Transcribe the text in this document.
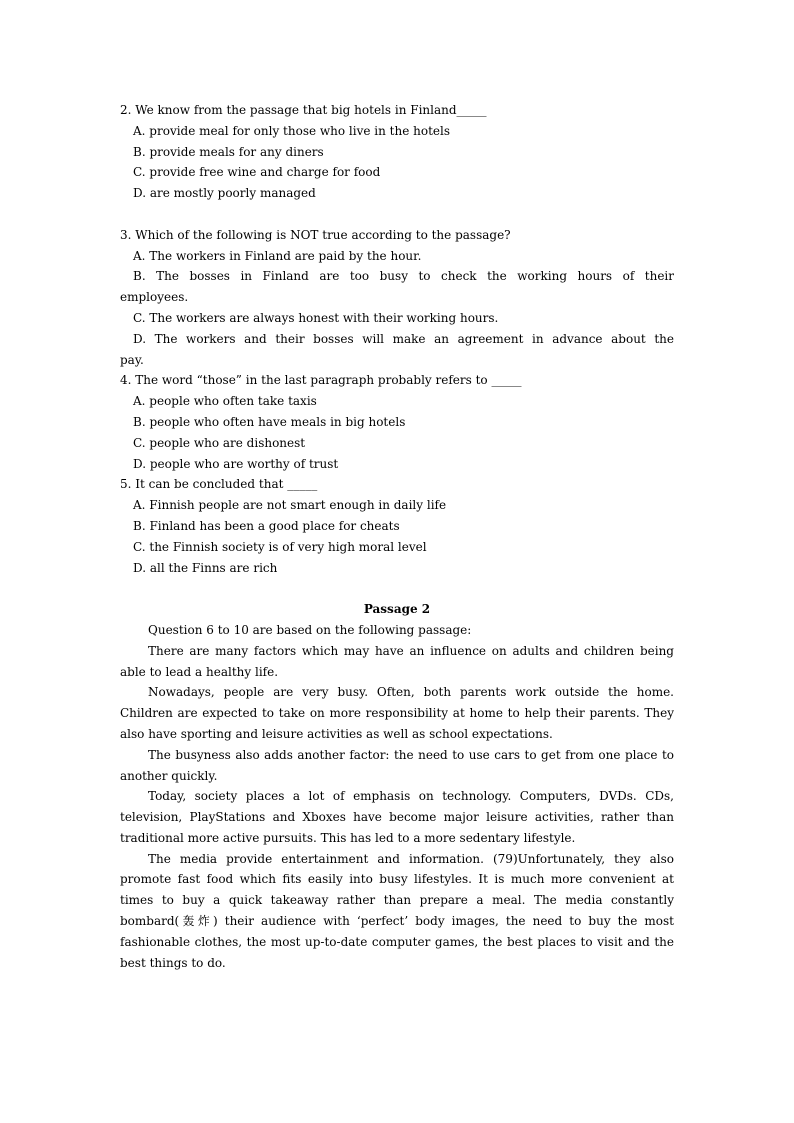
2. We know from the passage that big hotels in Finland_____

A. provide meal for only those who live in the hotels

B. provide meals for any diners

C. provide free wine and charge for food

D. are mostly poorly managed

3. Which of the following is NOT true according to the passage?

A. The workers in Finland are paid by the hour.

B. The bosses in Finland are too busy to check the working hours of their

employees.

C. The workers are always honest with their working hours.

D. The workers and their bosses will make an agreement in advance about the

pay.

4. The word “those” in the last paragraph probably refers to _____

A. people who often take taxis

B. people who often have meals in big hotels

C. people who are dishonest

D. people who are worthy of trust

5. It can be concluded that _____

A. Finnish people are not smart enough in daily life

B. Finland has been a good place for cheats

C. the Finnish society is of very high moral level

D. all the Finns are rich

Passage 2

Question 6 to 10 are based on the following passage:

There are many factors which may have an influence on adults and children being able to lead a healthy life.

Nowadays, people are very busy. Often, both parents work outside the home. Children are expected to take on more responsibility at home to help their parents. They also have sporting and leisure activities as well as school expectations.

The busyness also adds another factor: the need to use cars to get from one place to another quickly.

Today, society places a lot of emphasis on technology. Computers, DVDs. CDs, television, PlayStations and Xboxes have become major leisure activities, rather than traditional more active pursuits. This has led to a more sedentary lifestyle.

The media provide entertainment and information. (79)Unfortunately, they also promote fast food which fits easily into busy lifestyles. It is much more convenient at times to buy a quick takeaway rather than prepare a meal. The media constantly bombard(轰炸) their audience with ‘perfect’ body images, the need to buy the most fashionable clothes, the most up-to-date computer games, the best places to visit and the best things to do.
